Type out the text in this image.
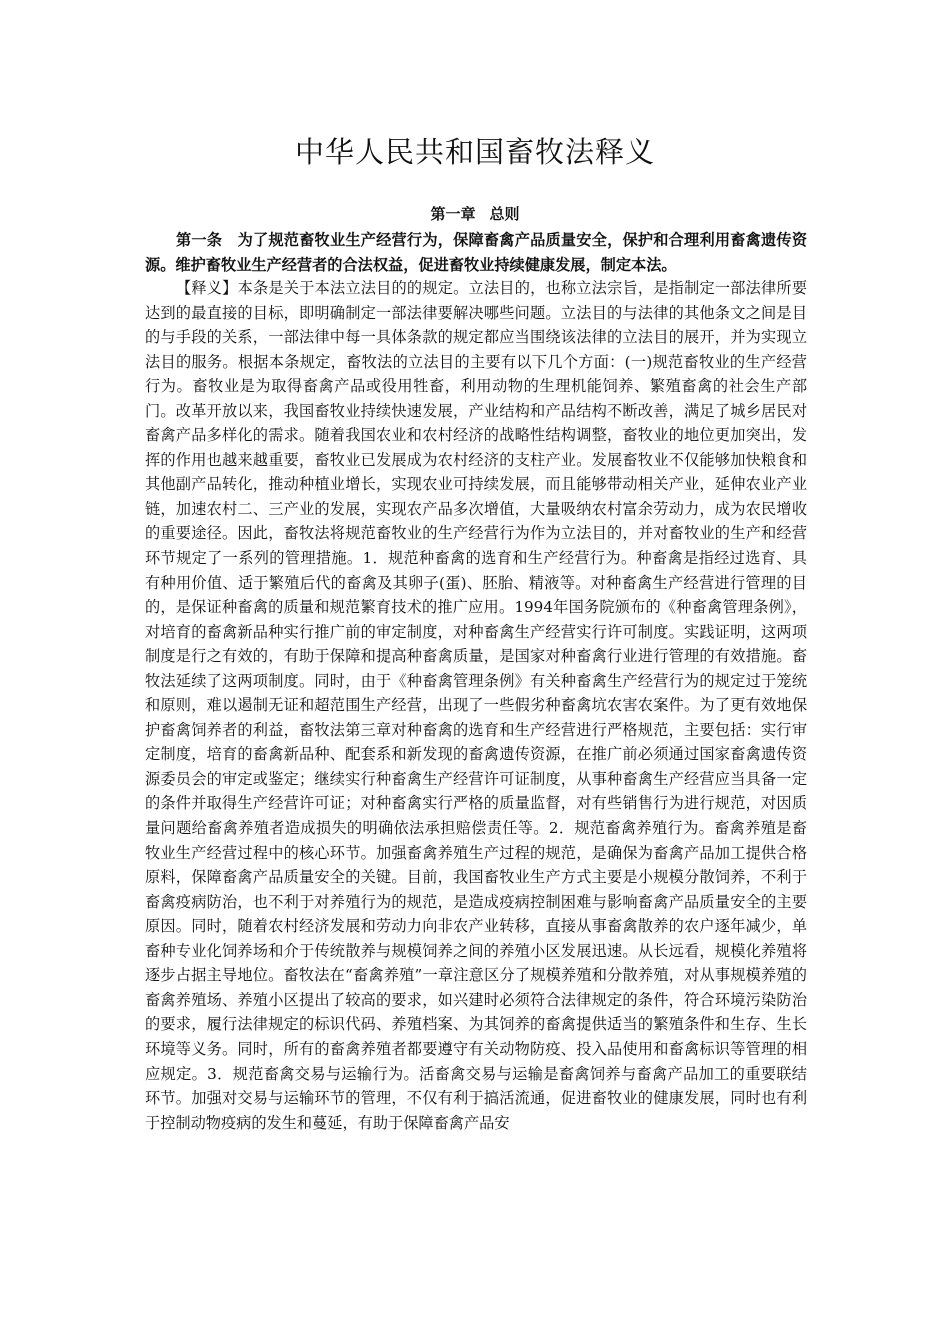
中华人民共和国畜牧法释义
第一章 总则

第一条　为了规范畜牧业生产经营行为，保障畜禽产品质量安全，保护和合理利用畜禽遗传资源。维护畜牧业生产经营者的合法权益，促进畜牧业持续健康发展，制定本法。

【释义】本条是关于本法立法目的的规定。立法目的，也称立法宗旨，是指制定一部法律所要达到的最直接的目标，即明确制定一部法律要解决哪些问题。立法目的与法律的其他条文之间是目的与手段的关系，一部法律中每一具体条款的规定都应当围绕该法律的立法目的展开，并为实现立法目的服务。根据本条规定，畜牧法的立法目的主要有以下几个方面：(一)规范畜牧业的生产经营行为。畜牧业是为取得畜禽产品或役用牲畜，利用动物的生理机能饲养、繁殖畜禽的社会生产部门。改革开放以来，我国畜牧业持续快速发展，产业结构和产品结构不断改善，满足了城乡居民对畜禽产品多样化的需求。随着我国农业和农村经济的战略性结构调整，畜牧业的地位更加突出，发挥的作用也越来越重要，畜牧业已发展成为农村经济的支柱产业。发展畜牧业不仅能够加快粮食和其他副产品转化，推动种植业增长，实现农业可持续发展，而且能够带动相关产业，延伸农业产业链，加速农村二、三产业的发展，实现农产品多次增值，大量吸纳农村富余劳动力，成为农民增收的重要途径。因此，畜牧法将规范畜牧业的生产经营行为作为立法目的，并对畜牧业的生产和经营环节规定了一系列的管理措施。1．规范种畜禽的选育和生产经营行为。种畜禽是指经过选育、具有种用价值、适于繁殖后代的畜禽及其卵子(蛋)、胚胎、精液等。对种畜禽生产经营进行管理的目的，是保证种畜禽的质量和规范繁育技术的推广应用。1994年国务院颁布的《种畜禽管理条例》，对培育的畜禽新品种实行推广前的审定制度，对种畜禽生产经营实行许可制度。实践证明，这两项制度是行之有效的，有助于保障和提高种畜禽质量，是国家对种畜禽行业进行管理的有效措施。畜牧法延续了这两项制度。同时，由于《种畜禽管理条例》有关种畜禽生产经营行为的规定过于笼统和原则，难以遏制无证和超范围生产经营，出现了一些假劣种畜禽坑农害农案件。为了更有效地保护畜禽饲养者的利益，畜牧法第三章对种畜禽的选育和生产经营进行严格规范，主要包括：实行审定制度，培育的畜禽新品种、配套系和新发现的畜禽遗传资源，在推广前必须通过国家畜禽遗传资源委员会的审定或鉴定；继续实行种畜禽生产经营许可证制度，从事种畜禽生产经营应当具备一定的条件并取得生产经营许可证；对种畜禽实行严格的质量监督，对有些销售行为进行规范，对因质量问题给畜禽养殖者造成损失的明确依法承担赔偿责任等。2．规范畜禽养殖行为。畜禽养殖是畜牧业生产经营过程中的核心环节。加强畜禽养殖生产过程的规范，是确保为畜禽产品加工提供合格原料，保障畜禽产品质量安全的关键。目前，我国畜牧业生产方式主要是小规模分散饲养，不利于畜禽疫病防治，也不利于对养殖行为的规范，是造成疫病控制困难与影响畜禽产品质量安全的主要原因。同时，随着农村经济发展和劳动力向非农产业转移，直接从事畜禽散养的农户逐年减少，单畜种专业化饲养场和介于传统散养与规模饲养之间的养殖小区发展迅速。从长远看，规模化养殖将逐步占据主导地位。畜牧法在“畜禽养殖”一章注意区分了规模养殖和分散养殖，对从事规模养殖的畜禽养殖场、养殖小区提出了较高的要求，如兴建时必须符合法律规定的条件，符合环境污染防治的要求，履行法律规定的标识代码、养殖档案、为其饲养的畜禽提供适当的繁殖条件和生存、生长环境等义务。同时，所有的畜禽养殖者都要遵守有关动物防疫、投入品使用和畜禽标识等管理的相应规定。3．规范畜禽交易与运输行为。活畜禽交易与运输是畜禽饲养与畜禽产品加工的重要联结环节。加强对交易与运输环节的管理，不仅有利于搞活流通，促进畜牧业的健康发展，同时也有利于控制动物疫病的发生和蔓延，有助于保障畜禽产品安
